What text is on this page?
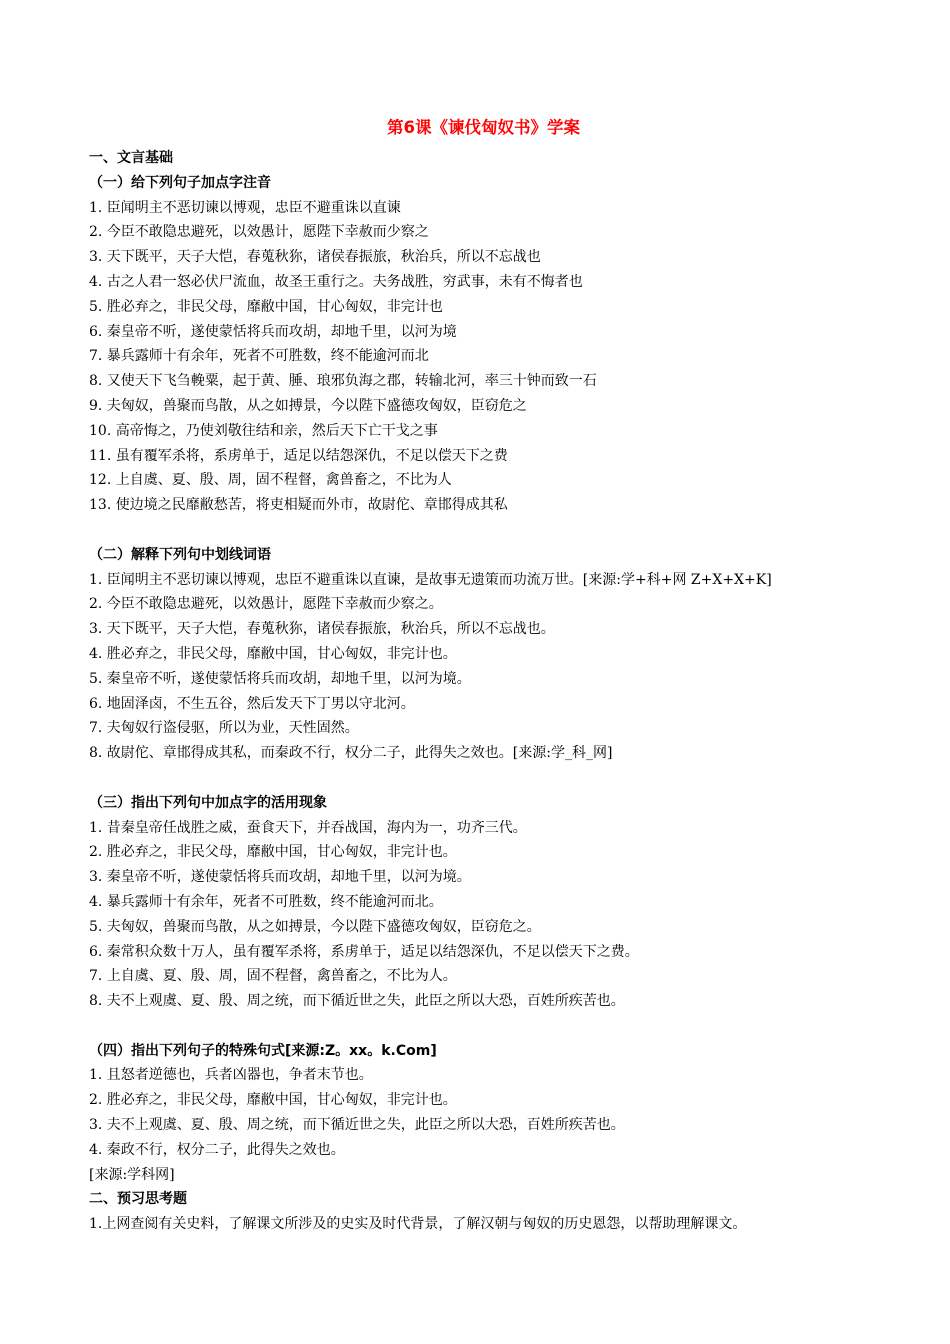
第6课《谏伐匈奴书》学案
一、文言基础
（一）给下列句子加点字注音
1. 臣闻明主不恶切谏以博观，忠臣不避重诛以直谏
2. 今臣不敢隐忠避死，以效愚计，愿陛下幸赦而少察之
3. 天下既平，天子大恺，春蒐秋狝，诸侯春振旅，秋治兵，所以不忘战也
4. 古之人君一怒必伏尸流血，故圣王重行之。夫务战胜，穷武事，未有不悔者也
5. 胜必弃之，非民父母，靡敝中国，甘心匈奴，非完计也
6. 秦皇帝不听，遂使蒙恬将兵而攻胡，却地千里，以河为境
7. 暴兵露师十有余年，死者不可胜数，终不能逾河而北
8. 又使天下飞刍輓粟，起于黄、腄、琅邪负海之郡，转输北河，率三十钟而致一石
9. 夫匈奴，兽聚而鸟散，从之如搏景，今以陛下盛德攻匈奴，臣窃危之
10. 高帝悔之，乃使刘敬往结和亲，然后天下亡干戈之事
11. 虽有覆军杀将，系虏单于，适足以结怨深仇，不足以偿天下之费
12. 上自虞、夏、殷、周，固不程督，禽兽畜之，不比为人
13. 使边境之民靡敝愁苦，将吏相疑而外市，故尉佗、章邯得成其私
（二）解释下列句中划线词语
1. 臣闻明主不恶切谏以博观，忠臣不避重诛以直谏，是故事无遗策而功流万世。[来源:学+科+网 Z+X+X+K]
2. 今臣不敢隐忠避死，以效愚计，愿陛下幸赦而少察之。
3. 天下既平，天子大恺，春蒐秋狝，诸侯春振旅，秋治兵，所以不忘战也。
4. 胜必弃之，非民父母，靡敝中国，甘心匈奴，非完计也。
5. 秦皇帝不听，遂使蒙恬将兵而攻胡，却地千里，以河为境。
6. 地固泽卤，不生五谷，然后发天下丁男以守北河。
7. 夫匈奴行盗侵驱，所以为业，天性固然。
8. 故尉佗、章邯得成其私，而秦政不行，权分二子，此得失之效也。[来源:学_科_网]
（三）指出下列句中加点字的活用现象
1. 昔秦皇帝任战胜之威，蚕食天下，并吞战国，海内为一，功齐三代。
2. 胜必弃之，非民父母，靡敝中国，甘心匈奴，非完计也。
3. 秦皇帝不听，遂使蒙恬将兵而攻胡，却地千里，以河为境。
4. 暴兵露师十有余年，死者不可胜数，终不能逾河而北。
5. 夫匈奴，兽聚而鸟散，从之如搏景，今以陛下盛德攻匈奴，臣窃危之。
6. 秦常积众数十万人，虽有覆军杀将，系虏单于，适足以结怨深仇，不足以偿天下之费。
7. 上自虞、夏、殷、周，固不程督，禽兽畜之，不比为人。
8. 夫不上观虞、夏、殷、周之统，而下循近世之失，此臣之所以大恐，百姓所疾苦也。
（四）指出下列句子的特殊句式[来源:Z。xx。k.Com]
1. 且怒者逆德也，兵者凶器也，争者末节也。
2. 胜必弃之，非民父母，靡敝中国，甘心匈奴，非完计也。
3. 夫不上观虞、夏、殷、周之统，而下循近世之失，此臣之所以大恐，百姓所疾苦也。
4. 秦政不行，权分二子，此得失之效也。
[来源:学科网]
二、预习思考题
1.上网查阅有关史料，了解课文所涉及的史实及时代背景，了解汉朝与匈奴的历史恩怨，以帮助理解课文。
